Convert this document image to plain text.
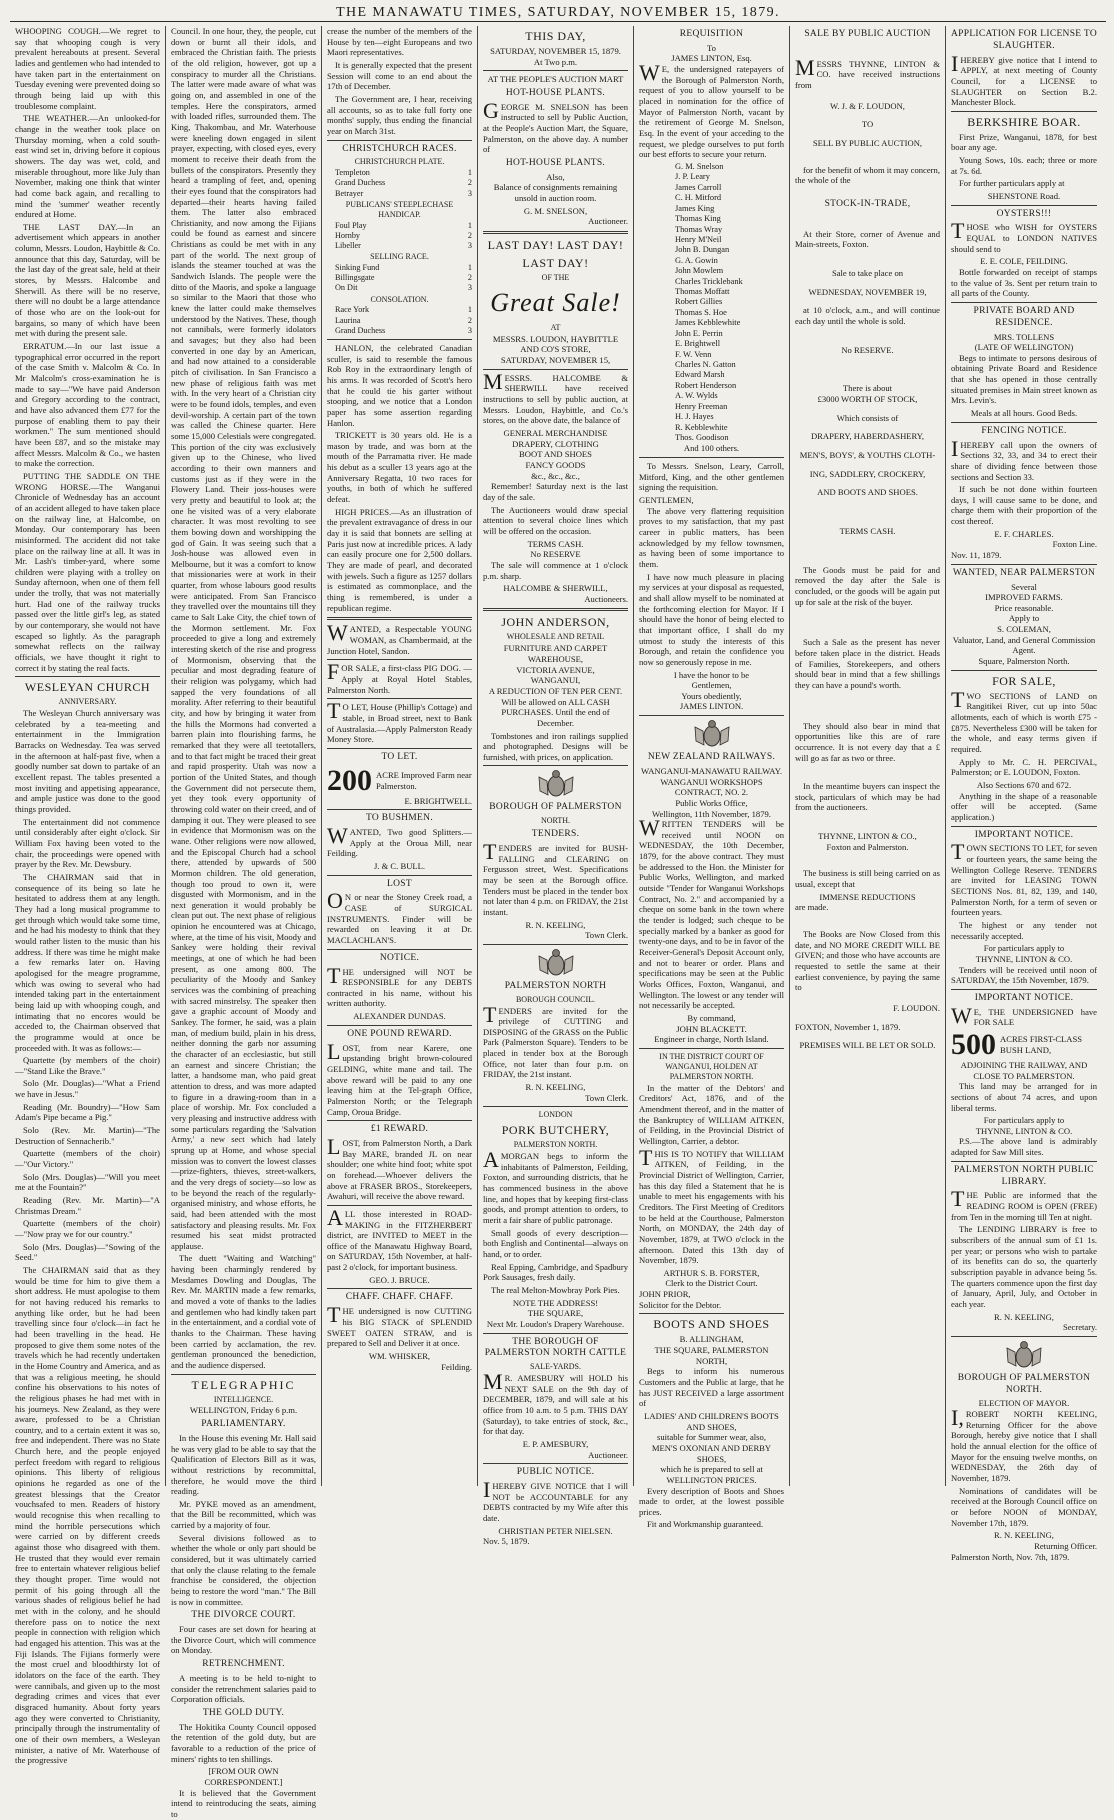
THE MANAWATU TIMES, SATURDAY, NOVEMBER 15, 1879.

WHOOPING COUGH.—We regret to say that whooping cough is very prevalent hereabouts at present. Several ladies and gentlemen who had intended to have taken part in the entertainment on Tuesday evening were prevented doing so through being laid up with this troublesome complaint.

THE WEATHER.—An unlooked-for change in the weather took place on Thursday morning, when a cold south-east wind set in, driving before it copious showers. The day was wet, cold, and miserable throughout, more like July than November, making one think that winter had come back again, and recalling to mind the 'summer' weather recently endured at Home.

THE LAST DAY.—In an advertisement which appears in another column, Messrs. Loudon, Haybittle & Co. announce that this day, Saturday, will be the last day of the great sale, held at their stores, by Messrs. Halcombe and Sherwill. As there will be no reserve, there will no doubt be a large attendance of those who are on the look-out for bargains, so many of which have been met with during the present sale.

ERRATUM.—In our last issue a typographical error occurred in the report of the case Smith v. Malcolm & Co. In Mr Malcolm's cross-examination he is made to say—"We have paid Anderson and Gregory according to the contract, and have also advanced them £77 for the purpose of enabling them to pay their workmen." The sum mentioned should have been £87, and so the mistake may affect Messrs. Malcolm & Co., we hasten to make the correction.

PUTTING THE SADDLE ON THE WRONG HORSE.—The Wanganui Chronicle of Wednesday has an account of an accident alleged to have taken place on the railway line, at Halcombe, on Monday. Our contemporary has been misinformed. The accident did not take place on the railway line at all. It was in Mr. Lash's timber-yard, where some children were playing with a trolley on Sunday afternoon, when one of them fell under the trolly, that was not materially hurt. Had one of the railway trucks passed over the little girl's leg, as stated by our contemporary, she would not have escaped so lightly. As the paragraph somewhat reflects on the railway officials, we have thought it right to correct it by stating the real facts.

WESLEYAN CHURCH
ANNIVERSARY.

The Wesleyan Church anniversary was celebrated by a tea-meeting and entertainment in the Immigration Barracks on Wednesday. Tea was served in the afternoon at half-past five, when a goodly number sat down to partake of an excellent repast. The tables presented a most inviting and appetising appearance, and ample justice was done to the good things provided.

The entertainment did not commence until considerably after eight o'clock. Sir William Fox having been voted to the chair, the proceedings were opened with prayer by the Rev. Mr. Dewsbury.

The CHAIRMAN said that in consequence of its being so late he hesitated to address them at any length. They had a long musical programme to get through which would take some time, and he had his modesty to think that they would rather listen to the music than his address. If there was time he might make a few remarks later on. Having apologised for the meagre programme, which was owing to several who had intended taking part in the entertainment being laid up with whooping cough, and intimating that no encores would be acceded to, the Chairman observed that the programme would at once be proceeded with. It was as follows:—

Quartette (by members of the choir)—"Stand Like the Brave."

Solo (Mr. Douglas)—"What a Friend we have in Jesus."

Reading (Mr. Boundry)—"How Sam Adam's Pipe became a Pig."

Solo (Rev. Mr. Martin)—"The Destruction of Sennacherib."

Quartette (members of the choir)—"Our Victory."

Solo (Mrs. Douglas)—"Will you meet me at the Fountain?"

Reading (Rev. Mr. Martin)—"A Christmas Dream."

Quartette (members of the choir)—"Now pray we for our country."

Solo (Mrs. Douglas)—"Sowing of the Seed."

The CHAIRMAN said that as they would be time for him to give them a short address. He must apologise to them for not having reduced his remarks to anything like order, but he had been travelling since four o'clock—in fact he had been travelling in the head. He proposed to give them some notes of the travels which he had recently undertaken in the Home Country and America, and as that was a religious meeting, he should confine his observations to his notes of the religious phases he had met with in his journeys. New Zealand, as they were aware, professed to be a Christian country, and to a certain extent it was so, free and independent. There was no State Church here, and the people enjoyed perfect freedom with regard to religious opinions. This liberty of religious opinions he regarded as one of the greatest blessings that the Creator vouchsafed to men. Readers of history would recognise this when recalling to mind the horrible persecutions which were carried on by different creeds against those who disagreed with them. He trusted that they would ever remain free to entertain whatever religious belief they thought proper. Time would not permit of his going through all the various shades of religious belief he had met with in the colony, and he should therefore pass on to notice the next people in connection with religion which had engaged his attention. This was at the Fiji Islands. The Fijians formerly were the most cruel and bloodthirsty lot of idolators on the face of the earth. They were cannibals, and given up to the most degrading crimes and vices that ever disgraced humanity. About forty years ago they were converted to Christianity, principally through the instrumentality of one of their own members, a Wesleyan minister, a native of Mr. Waterhouse of the progressive

Council. In one hour, they, the people, cut down or burnt all their idols, and embraced the Christian faith. The priests of the old religion, however, got up a conspiracy to murder all the Christians. The latter were made aware of what was going on, and assembled in one of the temples. Here the conspirators, armed with loaded rifles, surrounded them. The King, Thakombau, and Mr. Waterhouse were kneeling down engaged in silent prayer, expecting, with closed eyes, every moment to receive their death from the bullets of the conspirators. Presently they heard a trampling of feet, and, opening their eyes found that the conspirators had departed—their hearts having failed them. The latter also embraced Christianity, and now among the Fijians could be found as earnest and sincere Christians as could be met with in any part of the world. The next group of islands the steamer touched at was the Sandwich Islands. The people were the ditto of the Maoris, and spoke a language so similar to the Maori that those who knew the latter could make themselves understood by the Natives. These, though not cannibals, were formerly idolators and savages; but they also had been converted in one day by an American, and had now attained to a considerable pitch of civilisation. In San Francisco a new phase of religious faith was met with. In the very heart of a Christian city were to be found idols, temples, and even devil-worship. A certain part of the town was called the Chinese quarter. Here some 15,000 Celestials were congregated. This portion of the city was exclusively given up to the Chinese, who lived according to their own manners and customs just as if they were in the Flowery Land. Their joss-houses were very pretty and beautiful to look at; the one he visited was of a very elaborate character. It was most revolting to see them bowing down and worshipping the god of Gain. It was seeing such that a Josh-house was allowed even in Melbourne, but it was a comfort to know that missionaries were at work in their quarter, from whose labours good results were anticipated. From San Francisco they travelled over the mountains till they came to Salt Lake City, the chief town of the Mormon settlement. Mr. Fox proceeded to give a long and extremely interesting sketch of the rise and progress of Mormonism, observing that the peculiar and most degrading feature of their religion was polygamy, which had sapped the very foundations of all morality. After referring to their beautiful city, and how by bringing it water from the hills the Mormons had converted a barren plain into flourishing farms, he remarked that they were all teetotallers, and to that fact might be traced their great and rapid prosperity. Utah was now a portion of the United States, and though the Government did not persecute them, yet they took every opportunity of throwing cold water on their creed, and of damping it out. They were pleased to see in evidence that Mormonism was on the wane. Other religions were now allowed, and the Episcopal Church had a school there, attended by upwards of 500 Mormon children. The old generation, though too proud to own it, were disgusted with Mormonism, and in the next generation it would probably be clean put out. The next phase of religious opinion he encountered was at Chicago, where, at the time of his visit, Moody and Sankey were holding their revival meetings, at one of which he had been present, as one among 800. The peculiarity of the Moody and Sankey services was the combining of preaching with sacred minstrelsy. The speaker then gave a graphic account of Moody and Sankey. The former, he said, was a plain man, of medium build, plain in his dress, neither donning the garb nor assuming the character of an ecclesiastic, but still an earnest and sincere Christian; the latter, a handsome man, who paid great attention to dress, and was more adapted to figure in a drawing-room than in a place of worship. Mr. Fox concluded a very pleasing and instructive address with some particulars regarding the 'Salvation Army,' a new sect which had lately sprung up at Home, and whose special mission was to convert the lowest classes—prize-fighters, thieves, street-walkers, and the very dregs of society—so low as to be beyond the reach of the regularly-organised ministry, and whose efforts, he said, had been attended with the most satisfactory and pleasing results. Mr. Fox resumed his seat midst protracted applause.

The duett "Waiting and Watching" having been charmingly rendered by Mesdames Dowling and Douglas, The Rev. Mr. MARTIN made a few remarks, and moved a vote of thanks to the ladies and gentlemen who had kindly taken part in the entertainment, and a cordial vote of thanks to the Chairman. These having been carried by acclamation, the rev. gentleman pronounced the benediction, and the audience dispersed.

TELEGRAPHIC
INTELLIGENCE.
WELLINGTON, Friday 6 p.m.
PARLIAMENTARY.

In the House this evening Mr. Hall said he was very glad to be able to say that the Qualification of Electors Bill as it was, without restrictions by recommittal, therefore, he would move the third reading.

Mr. PYKE moved as an amendment, that the Bill be recommitted, which was carried by a majority of four.

Several divisions followed as to whether the whole or only part should be considered, but it was ultimately carried that only the clause relating to the female franchise be considered, the objection being to restore the word "man." The Bill is now in committee.

THE DIVORCE COURT.

Four cases are set down for hearing at the Divorce Court, which will commence on Monday.

RETRENCHMENT.

A meeting is to be held to-night to consider the retrenchment salaries paid to Corporation officials.

THE GOLD DUTY.

The Hokitika County Council opposed the retention of the gold duty, but are favorable to a reduction of the price of miners' rights to ten shillings.

[FROM OUR OWN CORRESPONDENT.]

It is believed that the Government intend to reintroducing the seats, aiming to

crease the number of the members of the House by ten—eight Europeans and two Maori representatives.

It is generally expected that the present Session will come to an end about the 17th of December.

The Government are, I hear, receiving all accounts, so as to take full forty one months' supply, thus ending the financial year on March 31st.

CHRISTCHURCH RACES.
CHRISTCHURCH PLATE.
Templeton	1
Grand Duchess	2
Betrayer	3
PUBLICANS' STEEPLECHASE HANDICAP.
Foul Play	1
Hornby	2
Libeller	3
SELLING RACE.
Sinking Fund	1
Billingsgate	2
On Dit	3
CONSOLATION.
Race York	1
Laurina	2
Grand Duchess	3

HANLON, the celebrated Canadian sculler, is said to resemble the famous Rob Roy in the extraordinary length of his arms. It was recorded of Scott's hero that he could tie his garter without stooping, and we notice that a London paper has some assertion regarding Hanlon.

TRICKETT is 30 years old. He is a mason by trade, and was born at the mouth of the Parramatta river. He made his debut as a sculler 13 years ago at the Anniversary Regatta, 10 two races for youths, in both of which he suffered defeat.

HIGH PRICES.—As an illustration of the prevalent extravagance of dress in our day it is said that bonnets are selling at Paris just now at incredible prices. A lady can easily procure one for 2,500 dollars. They are made of pearl, and decorated with jewels. Such a figure as 1257 dollars is estimated as commonplace, and the thing is remembered, is under a republican regime.

WANTED, a Respectable YOUNG WOMAN, as Chambermaid, at the Junction Hotel, Sandon.

FOR SALE, a first-class PIG DOG. —Apply at Royal Hotel Stables, Palmerston North.

TO LET, House (Phillip's Cottage) and stable, in Broad street, next to Bank of Australasia.—Apply Palmerston Ready Money Store.

TO LET.
200 ACRE Improved Farm near Palmerston.
E. BRIGHTWELL.
TO BUSHMEN.

WANTED, Two good Splitters.—Apply at the Oroua Mill, near Feilding.

J. & C. BULL.
LOST

ON or near the Stoney Creek road, a CASE of SURGICAL INSTRUMENTS. Finder will be rewarded on leaving it at Dr. MACLACHLAN'S.

NOTICE.

THE undersigned will NOT be RESPONSIBLE for any DEBTS contracted in his name, without his written authority.

ALEXANDER DUNDAS.
ONE POUND REWARD.

LOST, from near Karere, one upstanding bright brown-coloured GELDING, white mane and tail. The above reward will be paid to any one leaving him at the Tel-graph Office, Palmerston North; or the Telegraph Camp, Oroua Bridge.

£1 REWARD.

LOST, from Palmerston North, a Dark Bay MARE, branded JL on near shoulder; one white hind foot; white spot on forehead.—Whoever delivers the above at FRASER BROS., Storekeepers, Awahuri, will receive the above reward.

ALL those interested in ROAD-MAKING in the FITZHERBERT district, are INVITED to MEET in the office of the Manawatu Highway Board, on SATURDAY, 15th November, at half-past 2 o'clock, for important business.

GEO. J. BRUCE.
CHAFF. CHAFF. CHAFF.

THE undersigned is now CUTTING his BIG STACK of SPLENDID SWEET OATEN STRAW, and is prepared to Sell and Deliver it at once.

WM. WHISKER,
Feilding.
THIS DAY,
SATURDAY, NOVEMBER 15, 1879.
At Two p.m.
AT THE PEOPLE'S AUCTION MART
HOT-HOUSE PLANTS.

GEORGE M. SNELSON has been instructed to sell by Public Auction, at the People's Auction Mart, the Square, Palmerston, on the above day. A number of

HOT-HOUSE PLANTS.
Also,

Balance of consignments remaining unsold in auction room.

G. M. SNELSON,
Auctioneer.
LAST DAY! LAST DAY!
LAST DAY!
OF THE
Great Sale!
AT
MESSRS. LOUDON, HAYBITTLE AND CO'S STORE,
SATURDAY, NOVEMBER 15,

MESSRS. HALCOMBE & SHERWILL have received instructions to sell by public auction, at Messrs. Loudon, Haybittle, and Co.'s stores, on the above date, the balance of

GENERAL MERCHANDISE
DRAPERY, CLOTHING
BOOT AND SHOES
FANCY GOODS
&c., &c., &c.,

Remember! Saturday next is the last day of the sale.

The Auctioneers would draw special attention to several choice lines which will be offered on the occasion.

TERMS CASH.
No RESERVE

The sale will commence at 1 o'clock p.m. sharp.

HALCOMBE & SHERWILL,
Auctioneers.
JOHN ANDERSON,
WHOLESALE AND RETAIL
FURNITURE AND CARPET WAREHOUSE,
VICTORIA AVENUE,
WANGANUI,

A REDUCTION OF TEN PER CENT. Will be allowed on ALL CASH PURCHASES. Until the end of December.

Tombstones and iron railings supplied and photographed. Designs will be furnished, with prices, on application.

BOROUGH OF PALMERSTON
NORTH.
TENDERS.

TENDERS are invited for BUSH-FALLING and CLEARING on Fergusson street, West. Specifications may be seen at the Borough office. Tenders must be placed in the tender box not later than 4 p.m. on FRIDAY, the 21st instant.

R. N. KEELING,
Town Clerk.
PALMERSTON NORTH
BOROUGH COUNCIL.

TENDERS are invited for the privilege of CUTTING and DISPOSING of the GRASS on the Public Park (Palmerston Square). Tenders to be placed in tender box at the Borough Office, not later than four p.m. on FRIDAY, the 21st instant.

R. N. KEELING,
Town Clerk.
LONDON
PORK BUTCHERY,
PALMERSTON NORTH.

AMORGAN begs to inform the inhabitants of Palmerston, Feilding, Foxton, and surrounding districts, that he has commenced business in the above line, and hopes that by keeping first-class goods, and prompt attention to orders, to merit a fair share of public patronage.

Small goods of every description—both English and Continental—always on hand, or to order.

Real Epping, Cambridge, and Spadbury Pork Sausages, fresh daily.

The real Melton-Mowbray Pork Pies.

NOTE THE ADDRESS!
THE SQUARE,
Next Mr. Loudon's Drapery Warehouse.
THE BOROUGH OF PALMERSTON NORTH CATTLE
SALE-YARDS.

MR. AMESBURY will HOLD his NEXT SALE on the 9th day of DECEMBER, 1879, and will sale at his office from 10 a.m. to 5 p.m. THIS DAY (Saturday), to take entries of stock, &c., for that day.

E. P. AMESBURY,
Auctioneer.
PUBLIC NOTICE.

IHEREBY GIVE NOTICE that I will NOT be ACCOUNTABLE for any DEBTS contracted by my Wife after this date.

CHRISTIAN PETER NIELSEN.
Nov. 5, 1879.
REQUISITION
To
JAMES LINTON, Esq.

WE, the undersigned ratepayers of the Borough of Palmerston North, request of you to allow yourself to be placed in nomination for the office of Mayor of Palmerston North, vacant by the retirement of George M. Snelson, Esq. In the event of your acceding to the request, we pledge ourselves to put forth our best efforts to secure your return.

G. M. Snelson
J. P. Leary
James Carroll
C. H. Mitford
James King
Thomas King
Thomas Wray
Henry M'Neil
John B. Dungan
G. A. Gowin
John Mowlem
Charles Tricklebank
Thomas Moffatt
Robert Gillies
Thomas S. Hoe
James Kebblewhite
John E. Perrin
E. Brightwell
F. W. Venn
Charles N. Gatton
Edward Marsh
Robert Henderson
A. W. Wylds
Henry Freeman
H. J. Hayes
R. Kebblewhite
Thos. Goodison
And 100 others.

To Messrs. Snelson, Leary, Carroll, Mitford, King, and the other gentlemen signing the requisition.

GENTLEMEN,

The above very flattering requisition proves to my satisfaction, that my past career in public matters, has been acknowledged by my fellow townsmen, as having been of some importance to them.

I have now much pleasure in placing my services at your disposal as requested, and shall allow myself to be nominated at the forthcoming election for Mayor. If I should have the honor of being elected to that important office, I shall do my utmost to study the interests of this Borough, and retain the confidence you now so generously repose in me.

I have the honor to be
Gentlemen,
Yours obediently,
JAMES LINTON.
NEW ZEALAND RAILWAYS.
WANGANUI-MANAWATU RAILWAY.
WANGANUI WORKSHOPS CONTRACT, NO. 2.
Public Works Office,
Wellington, 11th November, 1879.

WRITTEN TENDERS will be received until NOON on WEDNESDAY, the 10th December, 1879, for the above contract. They must be addressed to the Hon. the Minister for Public Works, Wellington, and marked outside "Tender for Wanganui Workshops Contract, No. 2." and accompanied by a cheque on some bank in the town where the tender is lodged; such cheque to be specially marked by a banker as good for twenty-one days, and to be in favor of the Receiver-General's Deposit Account only, and not to bearer or order. Plans and specifications may be seen at the Public Works Offices, Foxton, Wanganui, and Wellington. The lowest or any tender will not necessarily be accepted.

By command,
JOHN BLACKETT.
Engineer in charge, North Island.
IN THE DISTRICT COURT OF WANGANUI, HOLDEN AT PALMERSTON NORTH.

In the matter of the Debtors' and Creditors' Act, 1876, and of the Amendment thereof, and in the matter of the Bankruptcy of WILLIAM AITKEN, of Feilding, in the Provincial District of Wellington, Carrier, a debtor.

THIS IS TO NOTIFY that WILLIAM AITKEN, of Feilding, in the Provincial District of Wellington, Carrier, has this day filed a Statement that he is unable to meet his engagements with his Creditors. The First Meeting of Creditors to be held at the Courthouse, Palmerston North, on MONDAY, the 24th day of November, 1879, at TWO o'clock in the afternoon. Dated this 13th day of November, 1879.

ARTHUR S. B. FORSTER,
Clerk to the District Court.
JOHN PRIOR,
Solicitor for the Debtor.
BOOTS AND SHOES
B. ALLINGHAM,
THE SQUARE, PALMERSTON NORTH,

Begs to inform his numerous Customers and the Public at large, that he has JUST RECEIVED a large assortment of

LADIES' AND CHILDREN'S BOOTS AND SHOES,
suitable for Summer wear, also,
MEN'S OXONIAN AND DERBY SHOES,
which he is prepared to sell at
WELLINGTON PRICES.

Every description of Boots and Shoes made to order, at the lowest possible prices.

Fit and Workmanship guaranteed.

SALE BY PUBLIC AUCTION

MESSRS THYNNE, LINTON & CO. have received instructions from

W. J. & F. LOUDON,
TO
SELL BY PUBLIC AUCTION,

for the benefit of whom it may concern, the whole of the

STOCK-IN-TRADE,

At their Store, corner of Avenue and Main-streets, Foxton.

Sale to take place on
WEDNESDAY, NOVEMBER 19,

at 10 o'clock, a.m., and will continue each day until the whole is sold.

No RESERVE.
There is about
£3000 WORTH OF STOCK,
Which consists of
DRAPERY, HABERDASHERY,
MEN'S, BOYS', & YOUTHS CLOTH-
ING, SADDLERY, CROCKERY,
AND BOOTS AND SHOES.
TERMS CASH.

The Goods must be paid for and removed the day after the Sale is concluded, or the goods will be again put up for sale at the risk of the buyer.

Such a Sale as the present has never before taken place in the district. Heads of Families, Storekeepers, and others should bear in mind that a few shillings they can have a pound's worth.

They should also bear in mind that opportunities like this are of rare occurrence. It is not every day that a £ will go as far as two or three.

In the meantime buyers can inspect the stock, particulars of which may be had from the auctioneers.

THYNNE, LINTON & CO.,
Foxton and Palmerston.

The business is still being carried on as usual, except that

IMMENSE REDUCTIONS
are made.

The Books are Now Closed from this date, and NO MORE CREDIT WILL BE GIVEN; and those who have accounts are requested to settle the same at their earliest convenience, by paying the same to

F. LOUDON.
FOXTON, November 1, 1879.
PREMISES WILL BE LET OR SOLD.
APPLICATION FOR LICENSE TO SLAUGHTER.

IHEREBY give notice that I intend to APPLY, at next meeting of County Council, for a LICENSE to SLAUGHTER on Section B.2. Manchester Block.

BERKSHIRE BOAR.

First Prize, Wanganui, 1878, for best boar any age.

Young Sows, 10s. each; three or more at 7s. 6d.

For further particulars apply at

SHENSTONE Road.
OYSTERS!!!

THOSE who WISH for OYSTERS EQUAL to LONDON NATIVES should send to

E. E. COLE, FEILDING.

Bottle forwarded on receipt of stamps to the value of 3s. Sent per return train to all parts of the County.

PRIVATE BOARD AND RESIDENCE.
MRS. TOLLENS
(LATE OF WELLINGTON)

Begs to intimate to persons desirous of obtaining Private Board and Residence that she has opened in those centrally situated premises in Main street known as Mrs. Levin's.

Meals at all hours. Good Beds.
FENCING NOTICE.

IHEREBY call upon the owners of Sections 32, 33, and 34 to erect their share of dividing fence between those sections and Section 33.

If such be not done within fourteen days, I will cause same to be done, and charge them with their proportion of the cost thereof.

E. F. CHARLES.
Foxton Line.
Nov. 11, 1879.
WANTED, NEAR PALMERSTON
Several
IMPROVED FARMS.
Price reasonable.
Apply to
S. COLEMAN,
Valuator, Land, and General Commission Agent.
Square, Palmerston North.
FOR SALE,

TWO SECTIONS of LAND on Rangitikei River, cut up into 50ac allotments, each of which is worth £75 - £875. Nevertheless £300 will be taken for the whole, and easy terms given if required.

Apply to Mr. C. H. PERCIVAL, Palmerston; or E. LOUDON, Foxton.

Also Sections 670 and 672.

Anything in the shape of a reasonable offer will be accepted. (Same application.)

IMPORTANT NOTICE.

TOWN SECTIONS TO LET, for seven or fourteen years, the same being the Wellington College Reserve. TENDERS are invited for LEASING TOWN SECTIONS Nos. 81, 82, 139, and 140, Palmerston North, for a term of seven or fourteen years.

The highest or any tender not necessarily accepted.

For particulars apply to
THYNNE, LINTON & CO.

Tenders will be received until noon of SATURDAY, the 15th November, 1879.

IMPORTANT NOTICE.

WE, THE UNDERSIGNED have FOR SALE

500 ACRES FIRST-CLASS BUSH LAND,
ADJOINING THE RAILWAY, AND
CLOSE TO PALMERSTON.

This land may be arranged for in sections of about 74 acres, and upon liberal terms.

For particulars apply to
THYNNE, LINTON & CO.

P.S.—The above land is admirably adapted for Saw Mill sites.

PALMERSTON NORTH PUBLIC LIBRARY.

THE Public are informed that the READING ROOM is OPEN (FREE) from Ten in the morning till Ten at night.

The LENDING LIBRARY is free to subscribers of the annual sum of £1 1s. per year; or persons who wish to partake of its benefits can do so, the quarterly subscription payable in advance being 5s. The quarters commence upon the first day of January, April, July, and October in each year.

R. N. KEELING,
Secretary.
BOROUGH OF PALMERSTON NORTH.
ELECTION OF MAYOR.

I,ROBERT NORTH KEELING, Returning Officer for the above Borough, hereby give notice that I shall hold the annual election for the office of Mayor for the ensuing twelve months, on WEDNESDAY, the 26th day of November, 1879.

Nominations of candidates will be received at the Borough Council office on or before NOON of MONDAY, November 17th, 1879.

R. N. KEELING,
Returning Officer.
Palmerston North, Nov. 7th, 1879.
